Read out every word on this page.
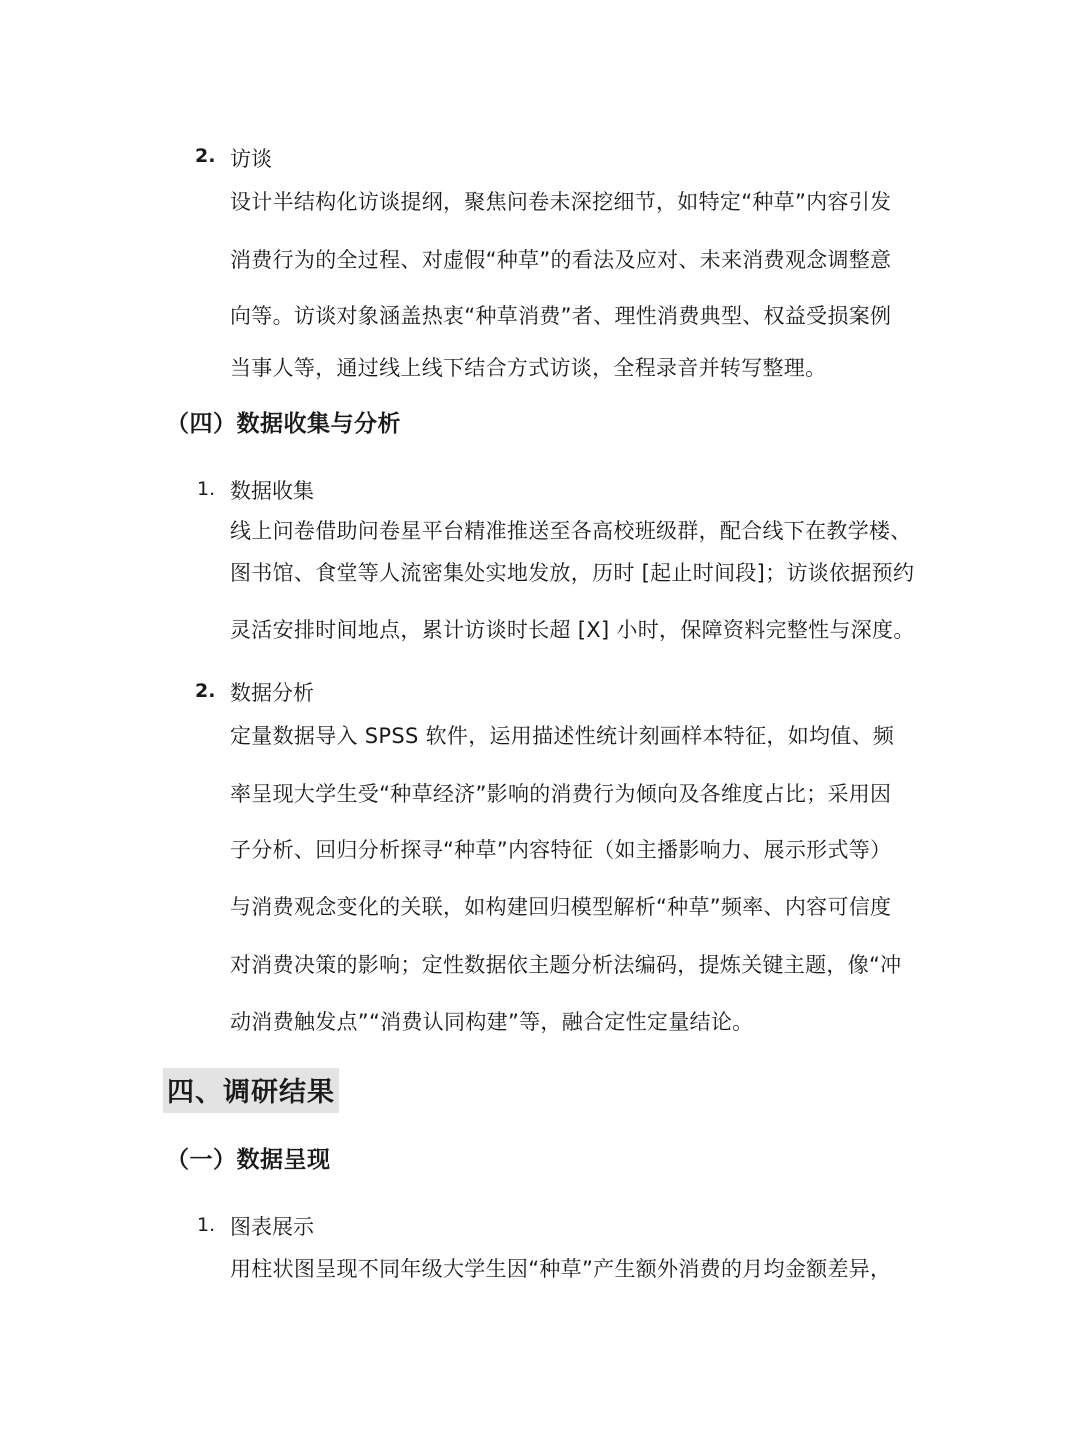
2. 访谈
设计半结构化访谈提纲，聚焦问卷未深挖细节，如特定“种草”内容引发
消费行为的全过程、对虚假“种草”的看法及应对、未来消费观念调整意
向等。访谈对象涵盖热衷“种草消费”者、理性消费典型、权益受损案例
当事人等，通过线上线下结合方式访谈，全程录音并转写整理。
（四）数据收集与分析
1. 数据收集
线上问卷借助问卷星平台精准推送至各高校班级群，配合线下在教学楼、
图书馆、食堂等人流密集处实地发放，历时 [起止时间段]；访谈依据预约
灵活安排时间地点，累计访谈时长超 [X] 小时，保障资料完整性与深度。
2. 数据分析
定量数据导入 SPSS 软件，运用描述性统计刻画样本特征，如均值、频
率呈现大学生受“种草经济”影响的消费行为倾向及各维度占比；采用因
子分析、回归分析探寻“种草”内容特征（如主播影响力、展示形式等）
与消费观念变化的关联，如构建回归模型解析“种草”频率、内容可信度
对消费决策的影响；定性数据依主题分析法编码，提炼关键主题，像“冲
动消费触发点”“消费认同构建”等，融合定性定量结论。
四、调研结果
（一）数据呈现
1. 图表展示
用柱状图呈现不同年级大学生因“种草”产生额外消费的月均金额差异，
